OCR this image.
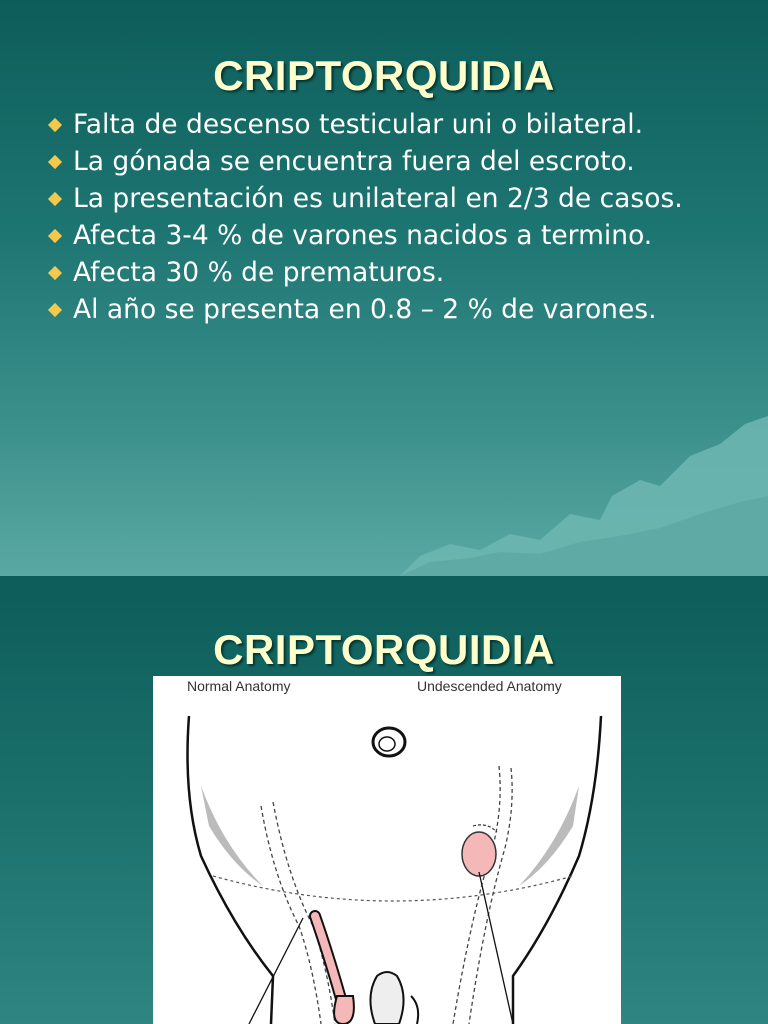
CRIPTORQUIDIA
Falta de descenso testicular uni o bilateral.
La gónada se encuentra fuera del escroto.
La presentación es unilateral en 2/3 de casos.
Afecta 3-4 % de varones nacidos a termino.
Afecta 30 % de prematuros.
Al año se presenta en 0.8 – 2 % de varones.
CRIPTORQUIDIA
Normal Anatomy	Undescended Anatomy
